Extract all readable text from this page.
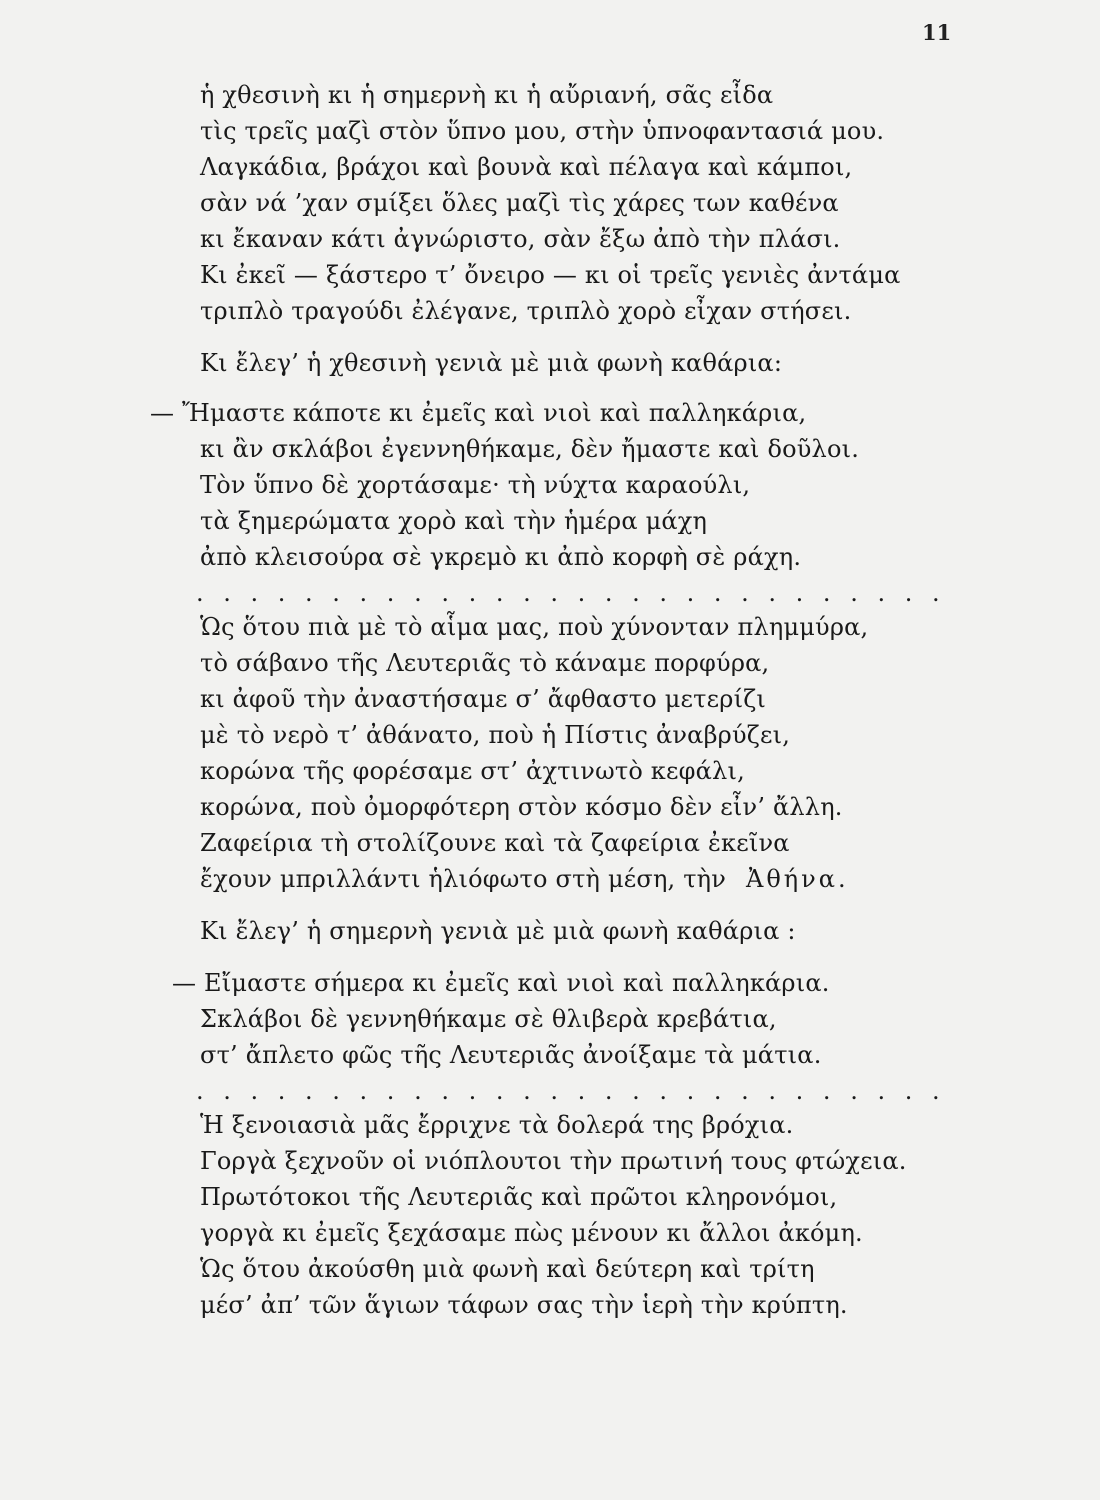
11
ἡ χθεσινὴ κι ἡ σημερνὴ κι ἡ αὔριανή, σᾶς εἶδα
τὶς τρεῖς μαζὶ στὸν ὕπνο μου, στὴν ὑπνοφαντασιά μου.
Λαγκάδια, βράχοι καὶ βουνὰ καὶ πέλαγα καὶ κάμποι,
σὰν νά ’χαν σμίξει ὅλες μαζὶ τὶς χάρες των καθένα
κι ἔκαναν κάτι ἀγνώριστο, σὰν ἔξω ἀπὸ τὴν πλάσι.
Κι ἐκεῖ — ξάστερο τ’ ὄνειρο — κι οἱ τρεῖς γενιὲς ἀντάμα
τριπλὸ τραγούδι ἐλέγανε, τριπλὸ χορὸ εἶχαν στήσει.
Κι ἔλεγ’ ἡ χθεσινὴ γενιὰ μὲ μιὰ φωνὴ καθάρια:
— Ἤμαστε κάποτε κι ἐμεῖς καὶ νιοὶ καὶ παλληκάρια,
κι ἂν σκλάβοι ἐγεννηθήκαμε, δὲν ἤμαστε καὶ δοῦλοι.
Τὸν ὕπνο δὲ χορτάσαμε· τὴ νύχτα καραούλι,
τὰ ξημερώματα χορὸ καὶ τὴν ἡμέρα μάχη
ἀπὸ κλεισούρα σὲ γκρεμὸ κι ἀπὸ κορφὴ σὲ ράχη.
. . . . . . . . . . . . . . . . . . . . . . . . . . . .
Ὡς ὅτου πιὰ μὲ τὸ αἷμα μας, ποὺ χύνονταν πλημμύρα,
τὸ σάβανο τῆς Λευτεριᾶς τὸ κάναμε πορφύρα,
κι ἀφοῦ τὴν ἀναστήσαμε σ’ ἄφθαστο μετερίζι
μὲ τὸ νερὸ τ’ ἀθάνατο, ποὺ ἡ Πίστις ἀναβρύζει,
κορώνα τῆς φορέσαμε στ’ ἀχτινωτὸ κεφάλι,
κορώνα, ποὺ ὀμορφότερη στὸν κόσμο δὲν εἶν’ ἄλλη.
Ζαφείρια τὴ στολίζουνε καὶ τὰ ζαφείρια ἐκεῖνα
ἔχουν μπριλλάντι ἡλιόφωτο στὴ μέση, τὴν Ἀθήνα.
Κι ἔλεγ’ ἡ σημερνὴ γενιὰ μὲ μιὰ φωνὴ καθάρια :
— Εἴμαστε σήμερα κι ἐμεῖς καὶ νιοὶ καὶ παλληκάρια.
Σκλάβοι δὲ γεννηθήκαμε σὲ θλιβερὰ κρεβάτια,
στ’ ἄπλετο φῶς τῆς Λευτεριᾶς ἀνοίξαμε τὰ μάτια.
. . . . . . . . . . . . . . . . . . . . . . . . . . . .
Ἡ ξενοιασιὰ μᾶς ἔρριχνε τὰ δολερά της βρόχια.
Γοργὰ ξεχνοῦν οἱ νιόπλουτοι τὴν πρωτινή τους φτώχεια.
Πρωτότοκοι τῆς Λευτεριᾶς καὶ πρῶτοι κληρονόμοι,
γοργὰ κι ἐμεῖς ξεχάσαμε πὼς μένουν κι ἄλλοι ἀκόμη.
Ὡς ὅτου ἀκούσθη μιὰ φωνὴ καὶ δεύτερη καὶ τρίτη
μέσ’ ἀπ’ τῶν ἅγιων τάφων σας τὴν ἱερὴ τὴν κρύπτη.
